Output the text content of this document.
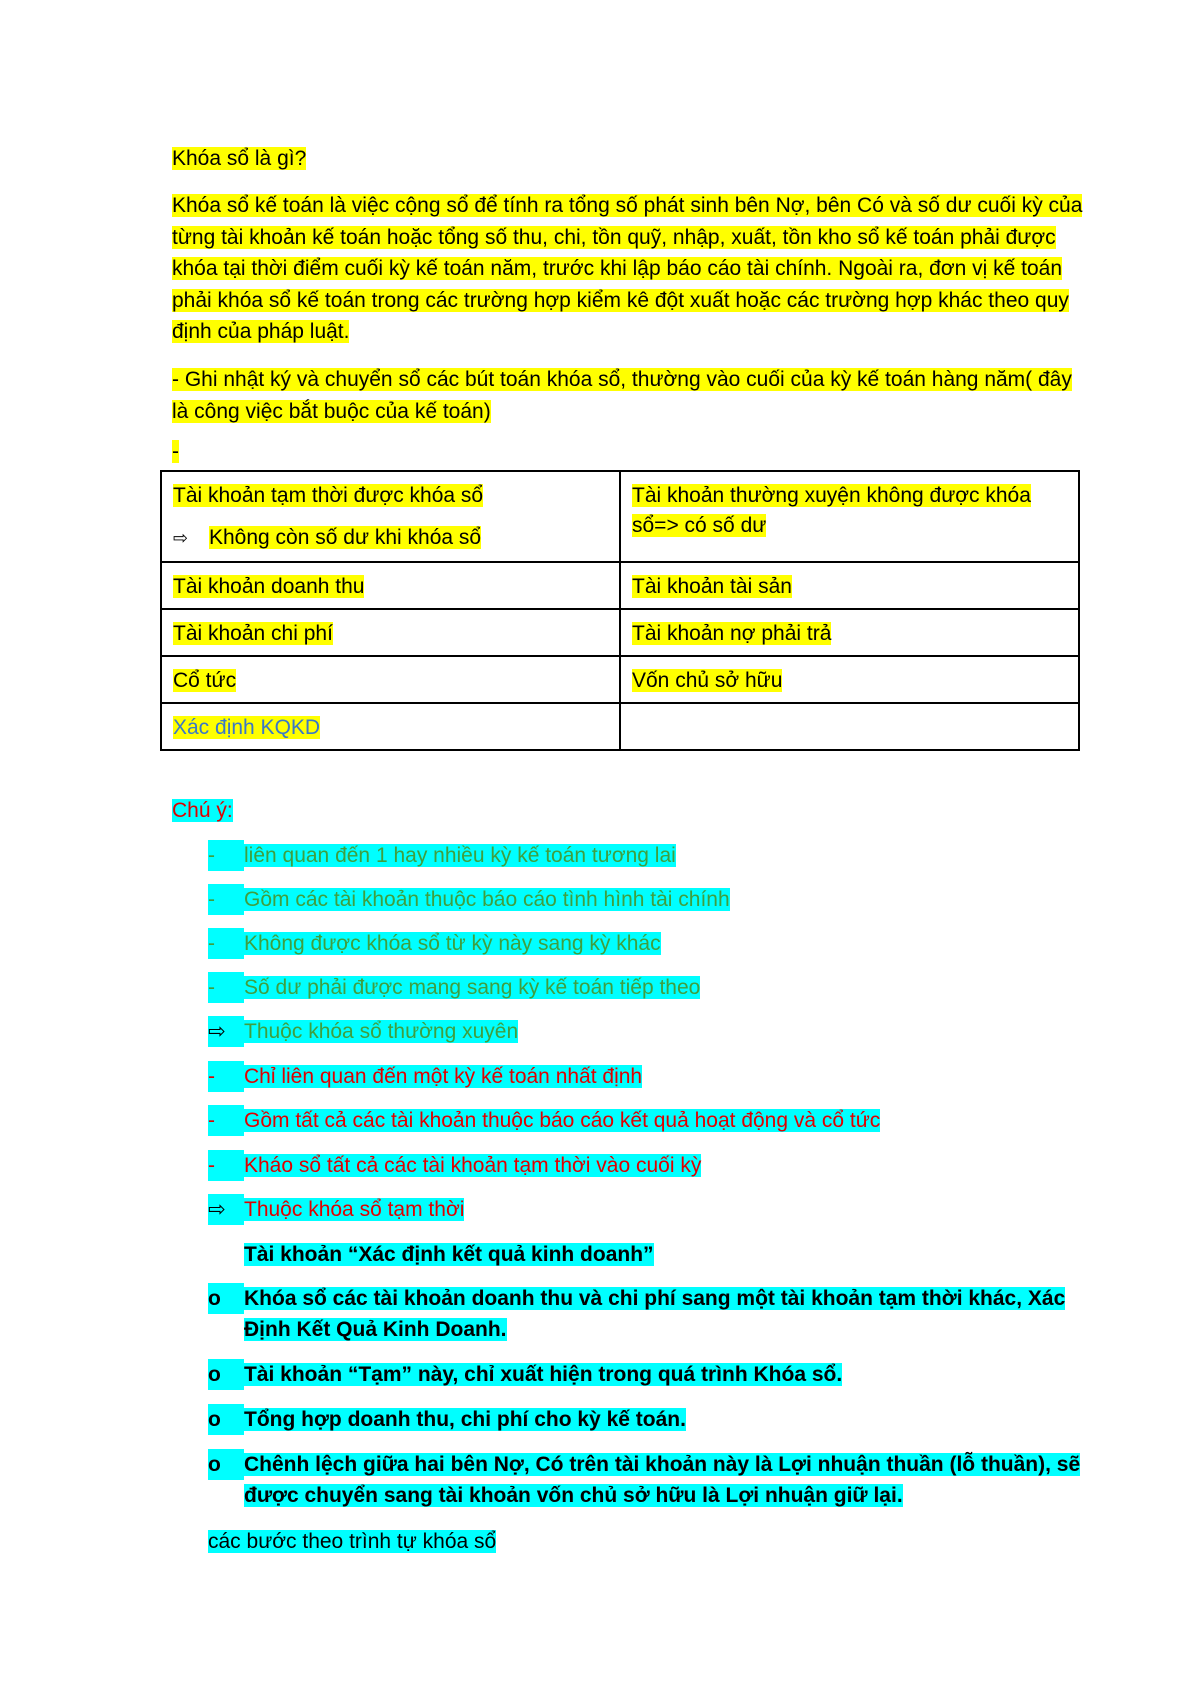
Khóa sổ là gì?
Khóa sổ kế toán là việc cộng sổ để tính ra tổng số phát sinh bên Nợ, bên Có và số dư cuối kỳ của từng tài khoản kế toán hoặc tổng số thu, chi, tồn quỹ, nhập, xuất, tồn kho sổ kế toán phải được khóa tại thời điểm cuối kỳ kế toán năm, trước khi lập báo cáo tài chính. Ngoài ra, đơn vị kế toán phải khóa sổ kế toán trong các trường hợp kiểm kê đột xuất hoặc các trường hợp khác theo quy định của pháp luật.
- Ghi nhật ký và chuyển sổ các bút toán khóa sổ, thường vào cuối của kỳ kế toán hàng năm( đây là công việc bắt buộc của kế toán)
-
Tài khoản tạm thời được khóa sổ
⇨ Không còn số dư khi khóa sổ	Tài khoản thường xuyện không được khóa sổ=> có số dư
Tài khoản doanh thu	Tài khoản tài sản
Tài khoản chi phí	Tài khoản nợ phải trả
Cổ tức	Vốn chủ sở hữu
Xác định KQKD	
Chú ý:
-	liên quan đến 1 hay nhiều kỳ kế toán tương lai
-	Gồm các tài khoản thuộc báo cáo tình hình tài chính
-	Không được khóa sổ từ kỳ này sang kỳ khác
-	Số dư phải được mang sang kỳ kế toán tiếp theo
⇨ Thuộc khóa sổ thường xuyên
-	Chỉ liên quan đến một kỳ kế toán nhất định
-	Gồm tất cả các tài khoản thuộc báo cáo kết quả hoạt động và cổ tức
-	Kháo sổ tất cả các tài khoản tạm thời vào cuối kỳ
⇨ Thuộc khóa sổ tạm thời
Tài khoản “Xác định kết quả kinh doanh”
o	Khóa sổ các tài khoản doanh thu và chi phí sang một tài khoản tạm thời khác, Xác Định Kết Quả Kinh Doanh.
o	Tài khoản “Tạm” này, chỉ xuất hiện trong quá trình Khóa sổ.
o	Tổng hợp doanh thu, chi phí cho kỳ kế toán.
o	Chênh lệch giữa hai bên Nợ, Có trên tài khoản này là Lợi nhuận thuần (lỗ thuần), sẽ được chuyển sang tài khoản vốn chủ sở hữu là Lợi nhuận giữ lại.
các bước theo trình tự khóa sổ
